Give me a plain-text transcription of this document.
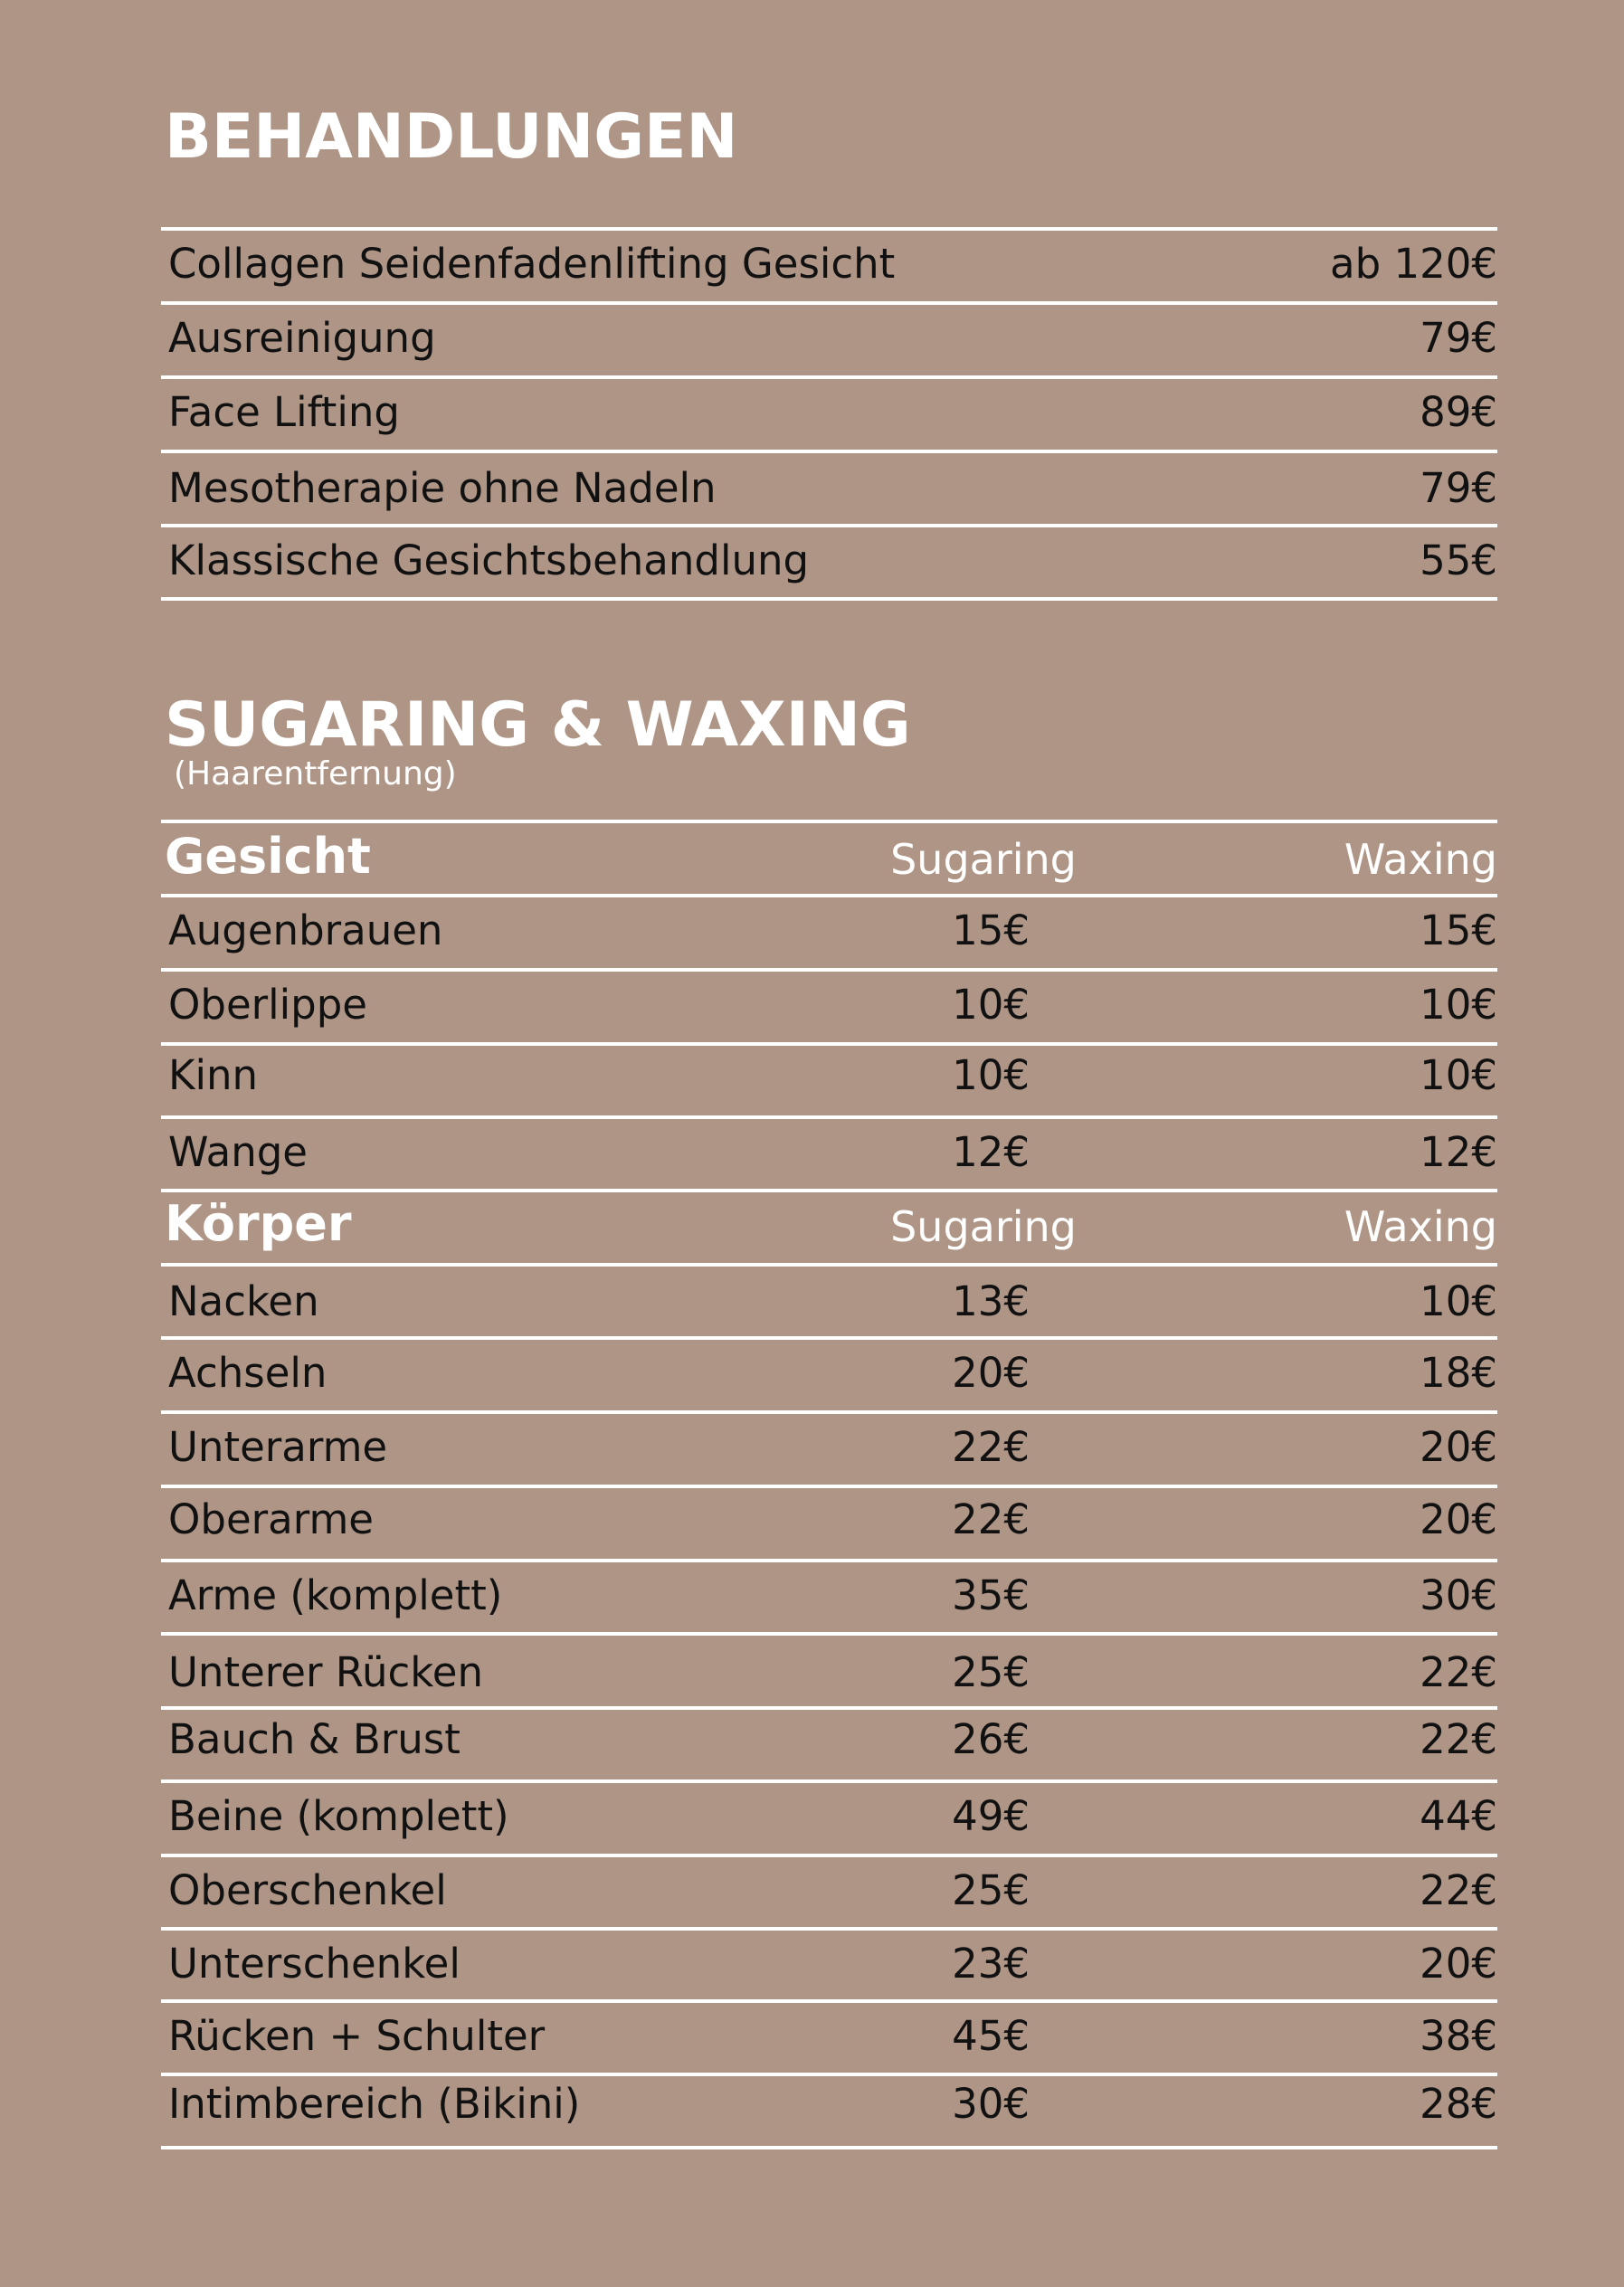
BEHANDLUNGEN
Collagen Seidenfadenlifting Gesicht	ab 120€
Ausreinigung	79€
Face Lifting	89€
Mesotherapie ohne Nadeln	79€
Klassische Gesichtsbehandlung	55€
SUGARING & WAXING
(Haarentfernung)
Gesicht	Sugaring	Waxing
Augenbrauen	15€	15€
Oberlippe	10€	10€
Kinn	10€	10€
Wange	12€	12€
Körper	Sugaring	Waxing
Nacken	13€	10€
Achseln	20€	18€
Unterarme	22€	20€
Oberarme	22€	20€
Arme (komplett)	35€	30€
Unterer Rücken	25€	22€
Bauch & Brust	26€	22€
Beine (komplett)	49€	44€
Oberschenkel	25€	22€
Unterschenkel	23€	20€
Rücken + Schulter	45€	38€
Intimbereich (Bikini)	30€	28€
